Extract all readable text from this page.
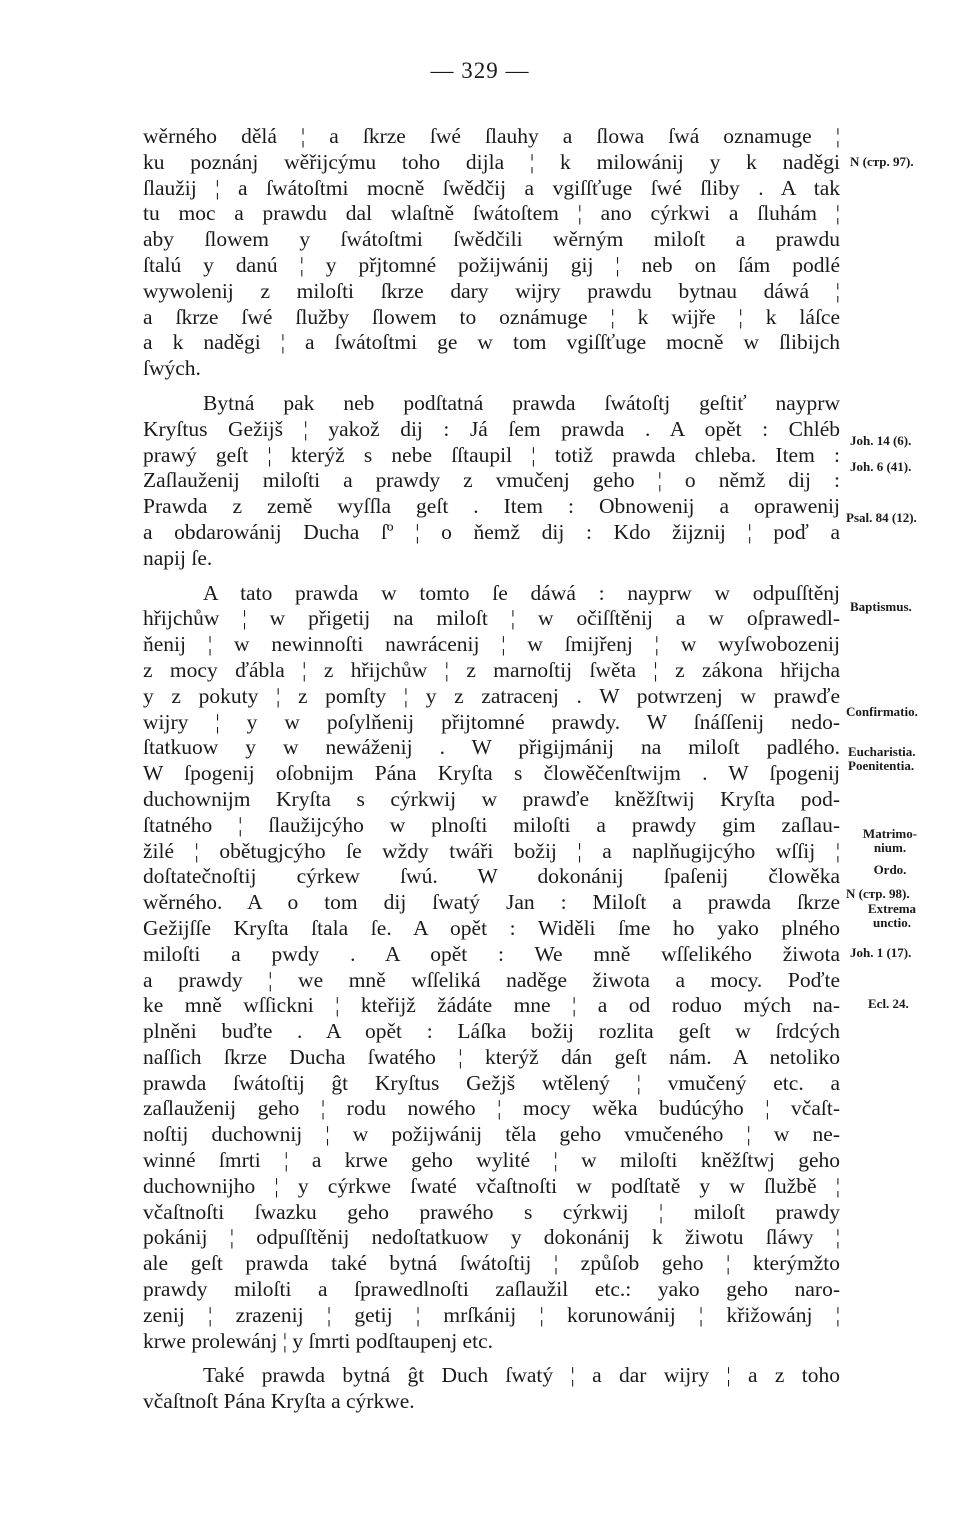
— 329 —
wěrného dělá ¦ a ſkrze ſwé ſlauhy a ſlowa ſwá oznamuge ¦
ku poznánj wěřijcýmu toho dijla ¦ k milowánij y k naděgi
ſlaužij ¦ a ſwátoſtmi mocně ſwědčij a vgiſſťuge ſwé ſliby . A tak
tu moc a prawdu dal wlaſtně ſwátoſtem ¦ ano cýrkwi a ſluhám ¦
aby ſlowem y ſwátoſtmi ſwědčili wěrným miloſt a prawdu
ſtalú y danú ¦ y přjtomné požijwánij gij ¦ neb on ſám podlé
wywolenij z miloſti ſkrze dary wijry prawdu bytnau dáwá ¦
a ſkrze ſwé ſlužby ſlowem to oznámuge ¦ k wijře ¦ k láſce
a k naděgi ¦ a ſwátoſtmi ge w tom vgiſſťuge mocně w ſlibijch
ſwých.
Bytná pak neb podſtatná prawda ſwátoſtj geſtiť nayprw
Kryſtus Gežijš ¦ yakož dij : Já ſem prawda . A opět : Chléb
prawý geſt ¦ kterýž s nebe ſſtaupil ¦ totiž prawda chleba. Item :
Zaſlauženij miloſti a prawdy z vmučenj geho ¦ o němž dij :
Prawda z země wyſſla geſt . Item : Obnowenij a oprawenij
a obdarowánij Ducha ſº ¦ o ňemž dij : Kdo žijznij ¦ poď a
napij ſe.
A tato prawda w tomto ſe dáwá : nayprw w odpuſſtěnj
hřijchůw ¦ w přigetij na miloſt ¦ w očiſſtěnij a w oſprawedl-
ňenij ¦ w newinnoſti nawrácenij ¦ w ſmijřenj ¦ w wyſwobozenij
z mocy ďábla ¦ z hřijchůw ¦ z marnoſtij ſwěta ¦ z zákona hřijcha
y z pokuty ¦ z pomſty ¦ y z zatracenj . W potwrzenj w prawďe
wijry ¦ y w poſylňenij přijtomné prawdy. W ſnáſſenij nedo-
ſtatkuow y w newáženij . W přigijmánij na miloſt padlého.
W ſpogenij oſobnijm Pána Kryſta s člowěčenſtwijm . W ſpogenij
duchownijm Kryſta s cýrkwij w prawďe kněžſtwij Kryſta pod-
ſtatného ¦ ſlaužijcýho w plnoſti miloſti a prawdy gim zaſlau-
žilé ¦ obětugjcýho ſe wždy twáři božij ¦ a naplňugijcýho wſſij ¦
doſtatečnoſtij cýrkew ſwú. W dokonánij ſpaſenij člowěka
wěrného. A o tom dij ſwatý Jan : Miloſt a prawda ſkrze
Gežijſſe Kryſta ſtala ſe. A opět : Widěli ſme ho yako plného
miloſti a pwdy . A opět : We mně wſſelikého žiwota
a prawdy ¦ we mně wſſeliká naděge žiwota a mocy. Poďte
ke mně wſſickni ¦ kteřijž žádáte mne ¦ a od roduo mých na-
plněni buďte . A opět : Láſka božij rozlita geſt w ſrdcých
naſſich ſkrze Ducha ſwatého ¦ kterýž dán geſt nám. A netoliko
prawda ſwátoſtij ĝt Kryſtus Gežjš wtělený ¦ vmučený etc. a
zaſlauženij geho ¦ rodu nowého ¦ mocy wěka budúcýho ¦ včaſt-
noſtij duchownij ¦ w požijwánij těla geho vmučeného ¦ w ne-
winné ſmrti ¦ a krwe geho wylité ¦ w miloſti kněžſtwj geho
duchownijho ¦ y cýrkwe ſwaté včaſtnoſti w podſtatě y w ſlužbě ¦
včaſtnoſti ſwazku geho prawého s cýrkwij ¦ miloſt prawdy
pokánij ¦ odpuſſtěnij nedoſtatkuow y dokonánij k žiwotu ſláwy ¦
ale geſt prawda také bytná ſwátoſtij ¦ způſob geho ¦ kterýmžto
prawdy miloſti a ſprawedlnoſti zaſlaužil etc.: yako geho naro-
zenij ¦ zrazenij ¦ getij ¦ mrſkánij ¦ korunowánij ¦ křižowánj ¦
krwe prolewánj ¦ y ſmrti podſtaupenj etc.
Také prawda bytná ĝt Duch ſwatý ¦ a dar wijry ¦ a z toho
včaſtnoſt Pána Kryſta a cýrkwe.
N (стр. 97).
Joh. 14 (6).
Joh. 6 (41).
Psal. 84 (12).
Baptismus.
Confirmatio.
Eucharistia.
Poenitentia.
Matrimo-
nium.
Ordo.
N (стр. 98).
Extrema
unctio.
Joh. 1 (17).
Ecl. 24.
